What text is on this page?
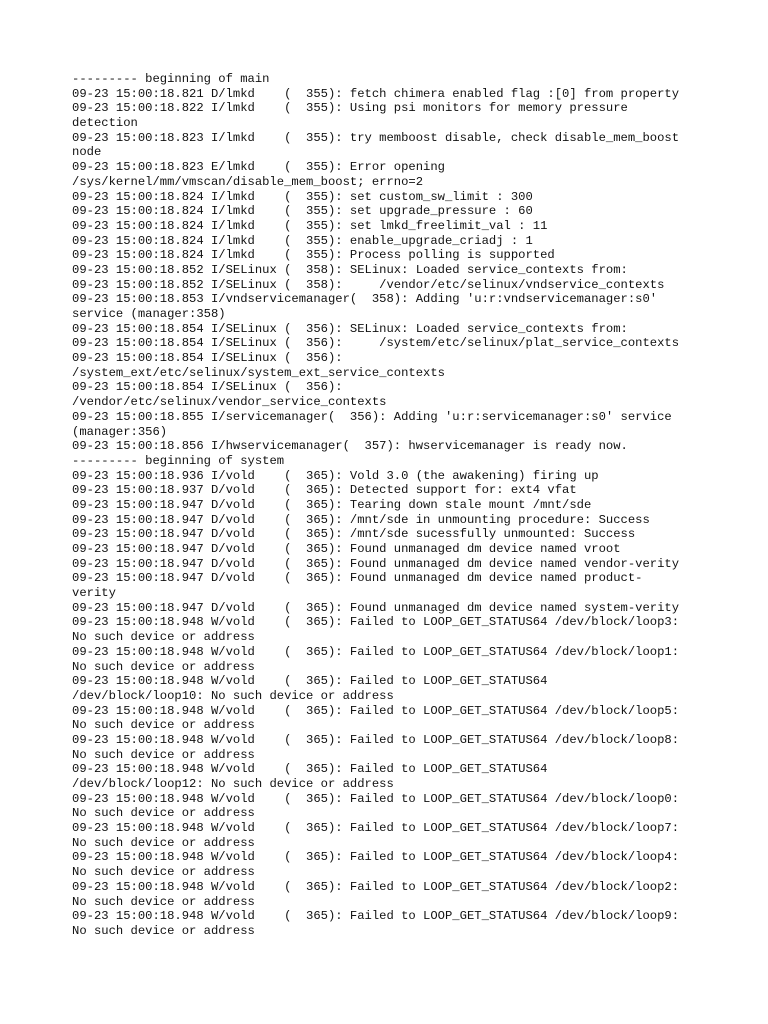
--------- beginning of main
09-23 15:00:18.821 D/lmkd    (  355): fetch chimera enabled flag :[0] from property
09-23 15:00:18.822 I/lmkd    (  355): Using psi monitors for memory pressure
detection
09-23 15:00:18.823 I/lmkd    (  355): try memboost disable, check disable_mem_boost
node
09-23 15:00:18.823 E/lmkd    (  355): Error opening
/sys/kernel/mm/vmscan/disable_mem_boost; errno=2
09-23 15:00:18.824 I/lmkd    (  355): set custom_sw_limit : 300
09-23 15:00:18.824 I/lmkd    (  355): set upgrade_pressure : 60
09-23 15:00:18.824 I/lmkd    (  355): set lmkd_freelimit_val : 11
09-23 15:00:18.824 I/lmkd    (  355): enable_upgrade_criadj : 1
09-23 15:00:18.824 I/lmkd    (  355): Process polling is supported
09-23 15:00:18.852 I/SELinux (  358): SELinux: Loaded service_contexts from:
09-23 15:00:18.852 I/SELinux (  358):     /vendor/etc/selinux/vndservice_contexts
09-23 15:00:18.853 I/vndservicemanager(  358): Adding 'u:r:vndservicemanager:s0'
service (manager:358)
09-23 15:00:18.854 I/SELinux (  356): SELinux: Loaded service_contexts from:
09-23 15:00:18.854 I/SELinux (  356):     /system/etc/selinux/plat_service_contexts
09-23 15:00:18.854 I/SELinux (  356):
/system_ext/etc/selinux/system_ext_service_contexts
09-23 15:00:18.854 I/SELinux (  356):
/vendor/etc/selinux/vendor_service_contexts
09-23 15:00:18.855 I/servicemanager(  356): Adding 'u:r:servicemanager:s0' service
(manager:356)
09-23 15:00:18.856 I/hwservicemanager(  357): hwservicemanager is ready now.
--------- beginning of system
09-23 15:00:18.936 I/vold    (  365): Vold 3.0 (the awakening) firing up
09-23 15:00:18.937 D/vold    (  365): Detected support for: ext4 vfat
09-23 15:00:18.947 D/vold    (  365): Tearing down stale mount /mnt/sde
09-23 15:00:18.947 D/vold    (  365): /mnt/sde in unmounting procedure: Success
09-23 15:00:18.947 D/vold    (  365): /mnt/sde sucessfully unmounted: Success
09-23 15:00:18.947 D/vold    (  365): Found unmanaged dm device named vroot
09-23 15:00:18.947 D/vold    (  365): Found unmanaged dm device named vendor-verity
09-23 15:00:18.947 D/vold    (  365): Found unmanaged dm device named product-
verity
09-23 15:00:18.947 D/vold    (  365): Found unmanaged dm device named system-verity
09-23 15:00:18.948 W/vold    (  365): Failed to LOOP_GET_STATUS64 /dev/block/loop3:
No such device or address
09-23 15:00:18.948 W/vold    (  365): Failed to LOOP_GET_STATUS64 /dev/block/loop1:
No such device or address
09-23 15:00:18.948 W/vold    (  365): Failed to LOOP_GET_STATUS64
/dev/block/loop10: No such device or address
09-23 15:00:18.948 W/vold    (  365): Failed to LOOP_GET_STATUS64 /dev/block/loop5:
No such device or address
09-23 15:00:18.948 W/vold    (  365): Failed to LOOP_GET_STATUS64 /dev/block/loop8:
No such device or address
09-23 15:00:18.948 W/vold    (  365): Failed to LOOP_GET_STATUS64
/dev/block/loop12: No such device or address
09-23 15:00:18.948 W/vold    (  365): Failed to LOOP_GET_STATUS64 /dev/block/loop0:
No such device or address
09-23 15:00:18.948 W/vold    (  365): Failed to LOOP_GET_STATUS64 /dev/block/loop7:
No such device or address
09-23 15:00:18.948 W/vold    (  365): Failed to LOOP_GET_STATUS64 /dev/block/loop4:
No such device or address
09-23 15:00:18.948 W/vold    (  365): Failed to LOOP_GET_STATUS64 /dev/block/loop2:
No such device or address
09-23 15:00:18.948 W/vold    (  365): Failed to LOOP_GET_STATUS64 /dev/block/loop9:
No such device or address
